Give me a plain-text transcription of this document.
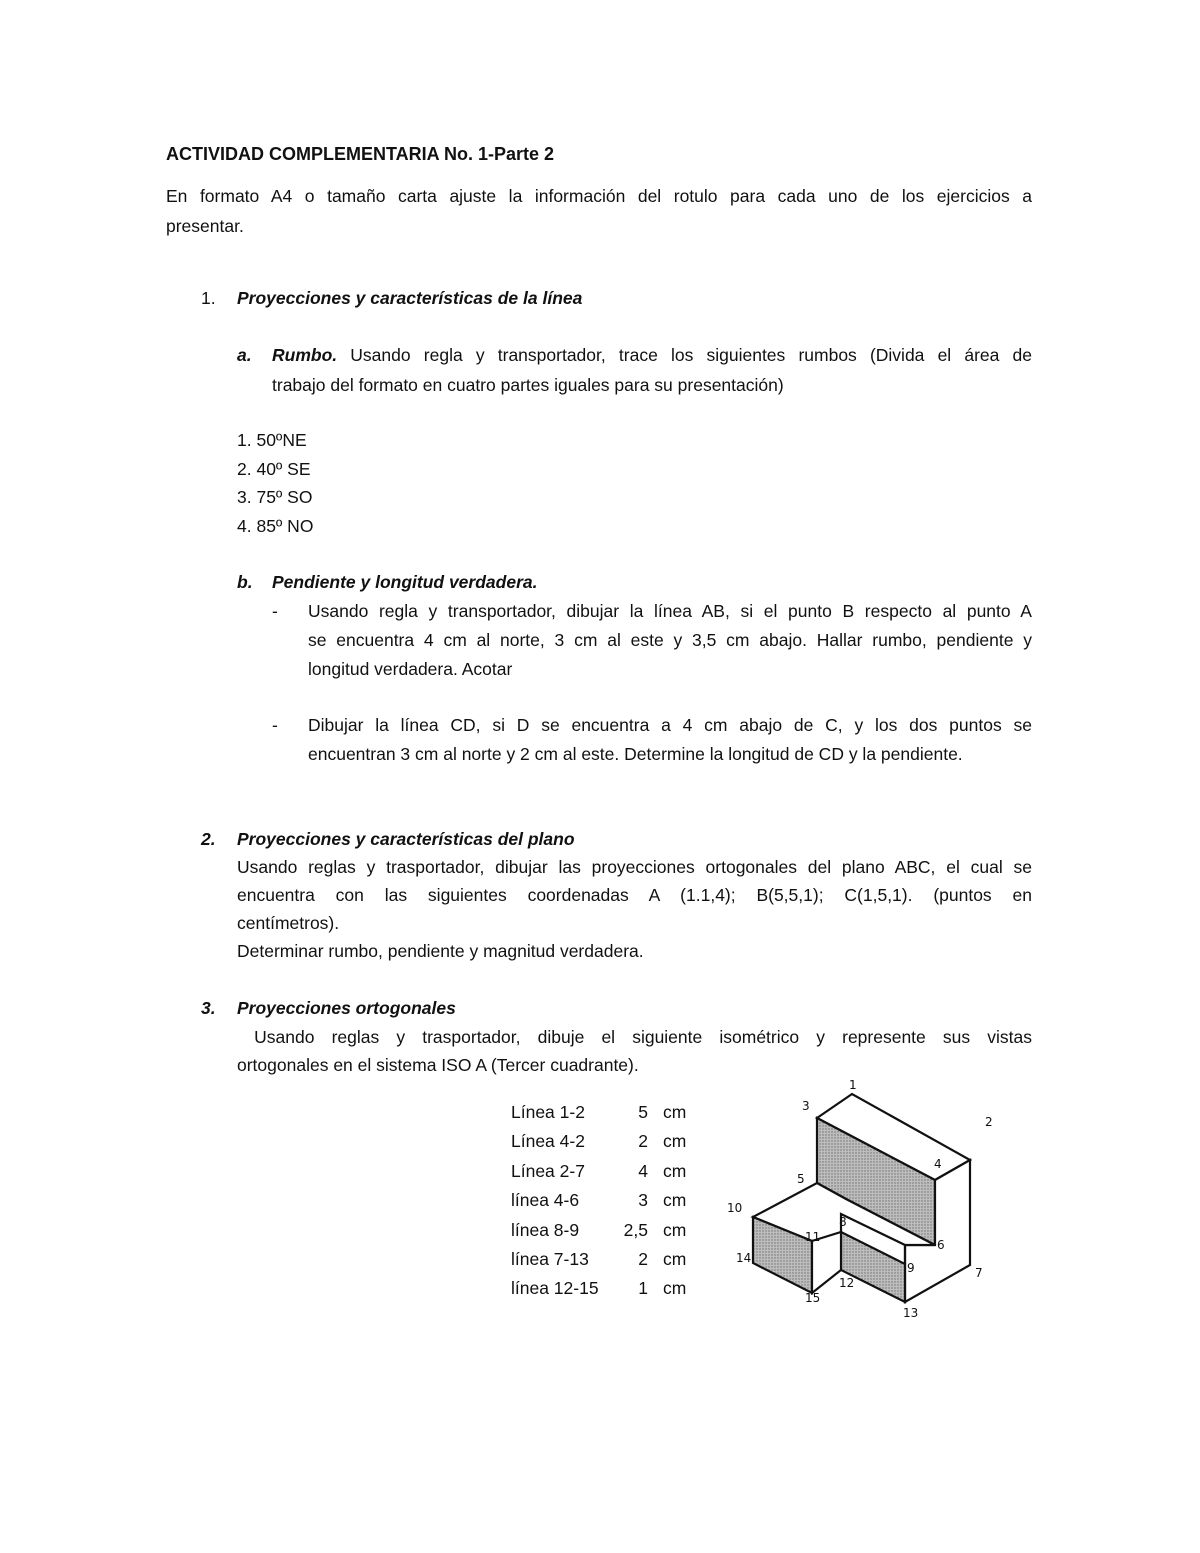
ACTIVIDAD COMPLEMENTARIA No. 1-Parte 2
En formato A4 o tamaño carta ajuste la información del rotulo para cada uno de los ejercicios a
presentar.
1. Proyecciones y características de la línea
a. Rumbo. Usando regla y transportador, trace los siguientes rumbos (Divida el área de
trabajo del formato en cuatro partes iguales para su presentación)
1. 50ºNE
2. 40º SE
3. 75º SO
4. 85º NO
b. Pendiente y longitud verdadera.
- Usando regla y transportador, dibujar la línea AB, si el punto B respecto al punto A
se encuentra 4 cm al norte, 3 cm al este y 3,5 cm abajo. Hallar rumbo, pendiente y
longitud verdadera. Acotar
- Dibujar la línea CD, si D se encuentra a 4 cm abajo de C, y los dos puntos se
encuentran 3 cm al norte y 2 cm al este. Determine la longitud de CD y la pendiente.
2. Proyecciones y características del plano
Usando reglas y trasportador, dibujar las proyecciones ortogonales del plano ABC, el cual se
encuentra con las siguientes coordenadas A (1.1,4); B(5,5,1); C(1,5,1). (puntos en
centímetros).
Determinar rumbo, pendiente y magnitud verdadera.
3. Proyecciones ortogonales
Usando reglas y trasportador, dibuje el siguiente isométrico y represente sus vistas
ortogonales en el sistema ISO A (Tercer cuadrante).
Línea 1-2	5 cm
Línea 4-2	2 cm
Línea 2-7	4 cm
línea 4-6	3 cm
línea 8-9	2,5 cm
línea 7-13	2 cm
línea 12-15	1 cm
1
2
3
4
5
6
7
8
9
10
11
12
13
14
15
